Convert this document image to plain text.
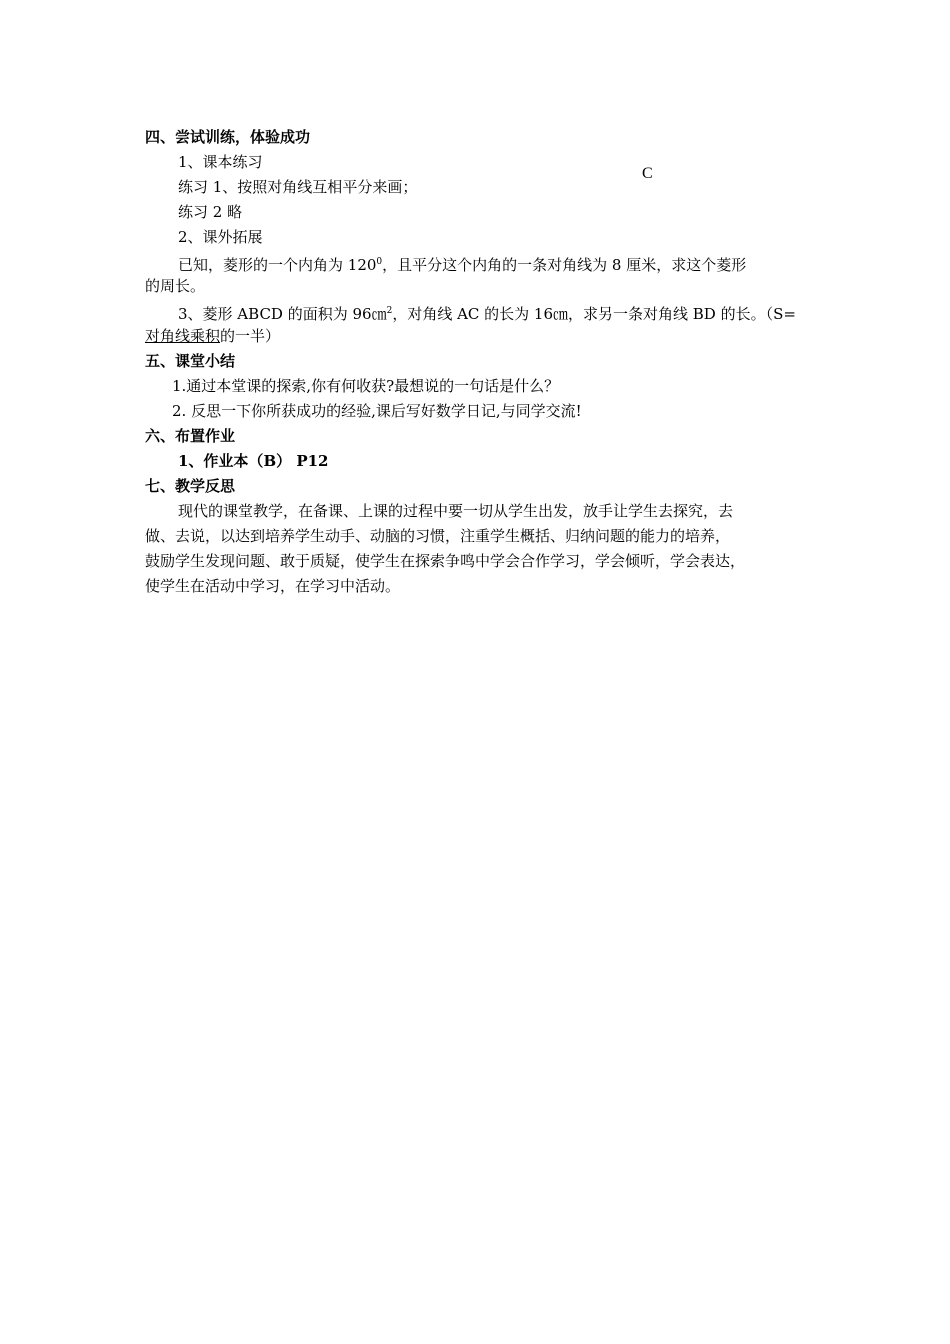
四、尝试训练，体验成功
1、课本练习
C
练习 1、按照对角线互相平分来画；
练习 2 略
2、课外拓展
已知，菱形的一个内角为 $120^0$，且平分这个内角的一条对角线为 8 厘米，求这个菱形
的周长。
3、菱形 ABCD 的面积为 96㎝$^2$，对角线 AC 的长为 16㎝，求另一条对角线 BD 的长。（S=
对角线乘积的一半）
五、课堂小结
1.通过本堂课的探索,你有何收获?最想说的一句话是什么？
2. 反思一下你所获成功的经验,课后写好数学日记,与同学交流!
六、布置作业
1、作业本（B） P12
七、教学反思
现代的课堂教学，在备课、上课的过程中要一切从学生出发，放手让学生去探究，去
做、去说，以达到培养学生动手、动脑的习惯，注重学生概括、归纳问题的能力的培养，
鼓励学生发现问题、敢于质疑，使学生在探索争鸣中学会合作学习，学会倾听，学会表达，
使学生在活动中学习，在学习中活动。
